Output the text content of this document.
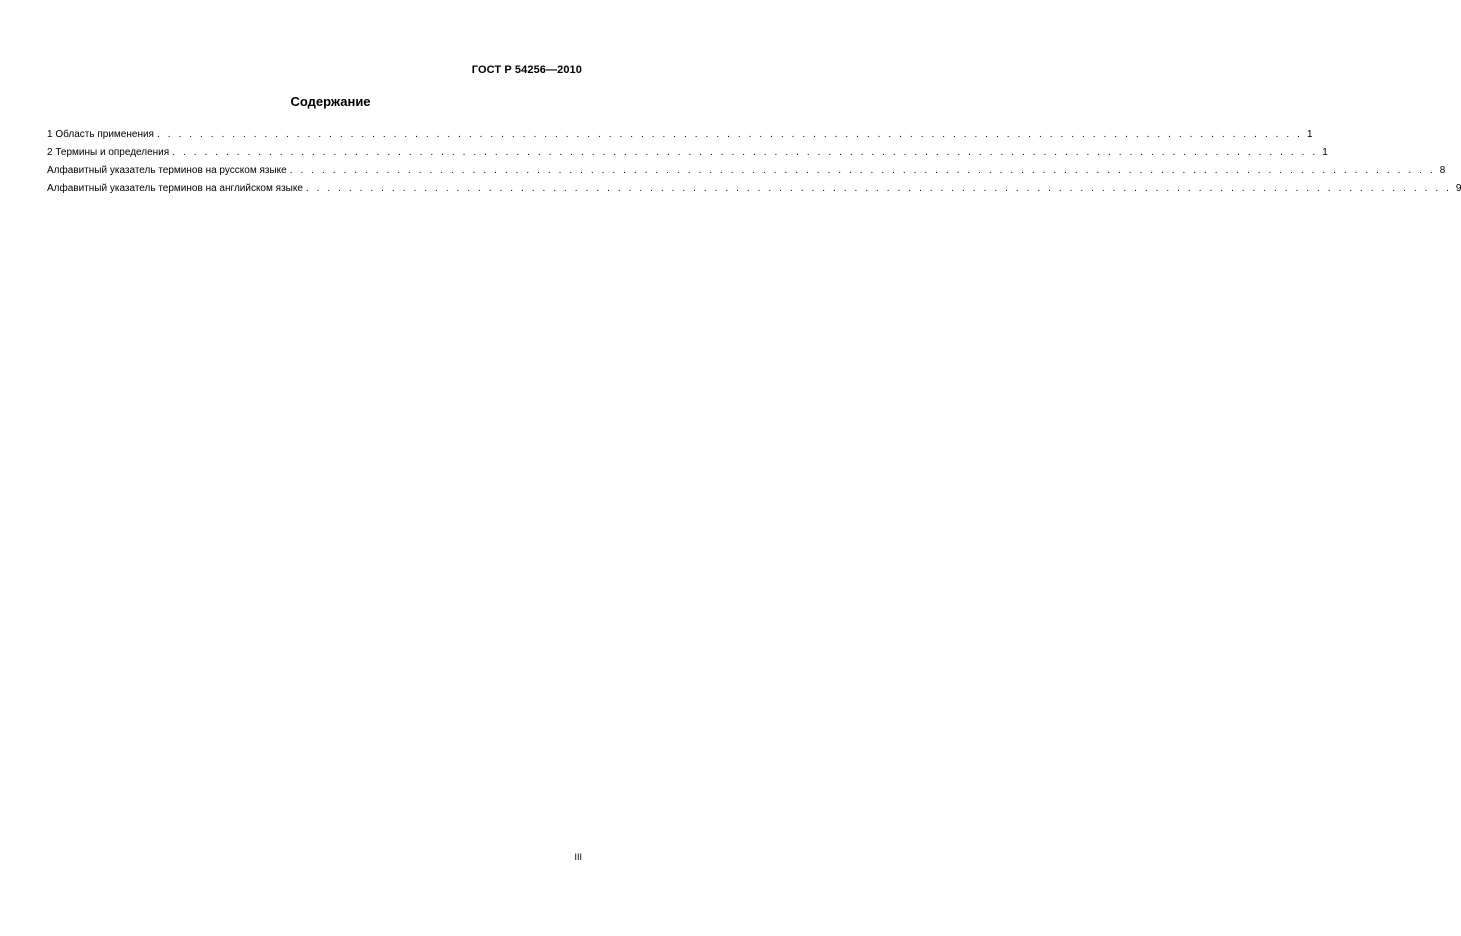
ГОСТ Р 54256—2010
Содержание
1 Область применения . . . . . . . . . . . . . . . . . . . . . . . . . . . . . . . . . . . . . . . . . . . . . . . . . . . . . . . . . . . . . . . . . . . . . . . . . . . . . . . . . . . . . . . . . . . . . . . . . . . . . . . . . . . 1
2 Термины и определения . . . . . . . . . . . . . . . . . . . . . . . . . . . . . . . . . . . . . . . . . . . . . . . . . . . . . . . . . . . . . . . . . . . . . . . . . . . . . . . . . . . . . . . . . . . . . . . . . . . . . . . . . . . 1
Алфавитный указатель терминов на русском языке . . . . . . . . . . . . . . . . . . . . . . . . . . . . . . . . . . . . . . . . . . . . . . . . . . . . . . . . . . . . . . . . . . . . . . . . . . . . . . . . . . . . . . . . . . . . . . . . . . . . . . . . . . . 8
Алфавитный указатель терминов на английском языке . . . . . . . . . . . . . . . . . . . . . . . . . . . . . . . . . . . . . . . . . . . . . . . . . . . . . . . . . . . . . . . . . . . . . . . . . . . . . . . . . . . . . . . . . . . . . . . . . . . . . . . . . . . 9
III
